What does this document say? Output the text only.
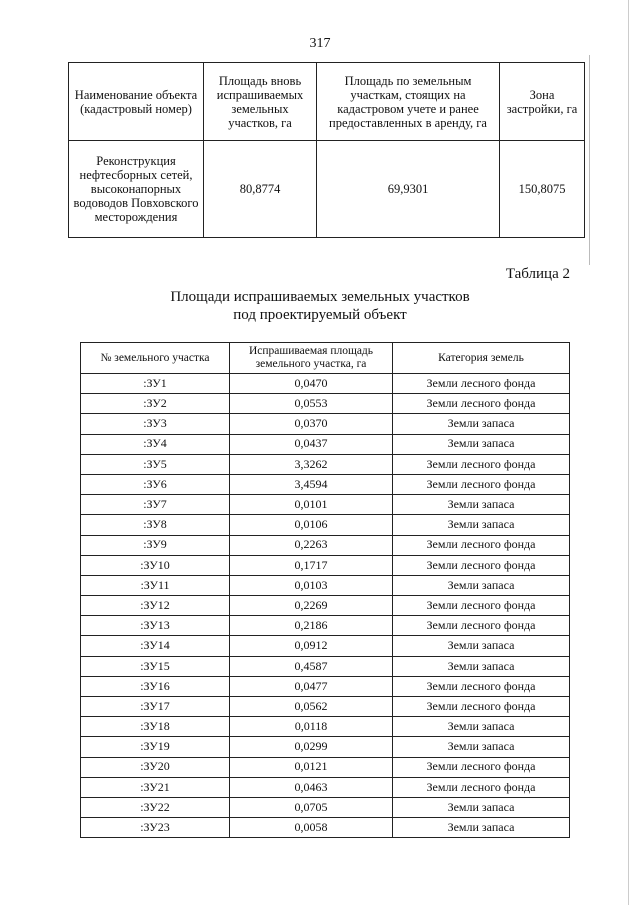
317
Наименование объекта (кадастровый номер)	Площадь вновь испрашиваемых земельных участков, га	Площадь по земельным участкам, стоящих на кадастровом учете и ранее предоставленных в аренду, га	Зона застройки, га
Реконструкция нефтесборных сетей, высоконапорных водоводов Повховского месторождения	80,8774	69,9301	150,8075
Таблица 2
Площади испрашиваемых земельных участков
под проектируемый объект
№ земельного участка	Испрашиваемая площадь земельного участка, га	Категория земель
:ЗУ1	0,0470	Земли лесного фонда
:ЗУ2	0,0553	Земли лесного фонда
:ЗУ3	0,0370	Земли запаса
:ЗУ4	0,0437	Земли запаса
:ЗУ5	3,3262	Земли лесного фонда
:ЗУ6	3,4594	Земли лесного фонда
:ЗУ7	0,0101	Земли запаса
:ЗУ8	0,0106	Земли запаса
:ЗУ9	0,2263	Земли лесного фонда
:ЗУ10	0,1717	Земли лесного фонда
:ЗУ11	0,0103	Земли запаса
:ЗУ12	0,2269	Земли лесного фонда
:ЗУ13	0,2186	Земли лесного фонда
:ЗУ14	0,0912	Земли запаса
:ЗУ15	0,4587	Земли запаса
:ЗУ16	0,0477	Земли лесного фонда
:ЗУ17	0,0562	Земли лесного фонда
:ЗУ18	0,0118	Земли запаса
:ЗУ19	0,0299	Земли запаса
:ЗУ20	0,0121	Земли лесного фонда
:ЗУ21	0,0463	Земли лесного фонда
:ЗУ22	0,0705	Земли запаса
:ЗУ23	0,0058	Земли запаса
